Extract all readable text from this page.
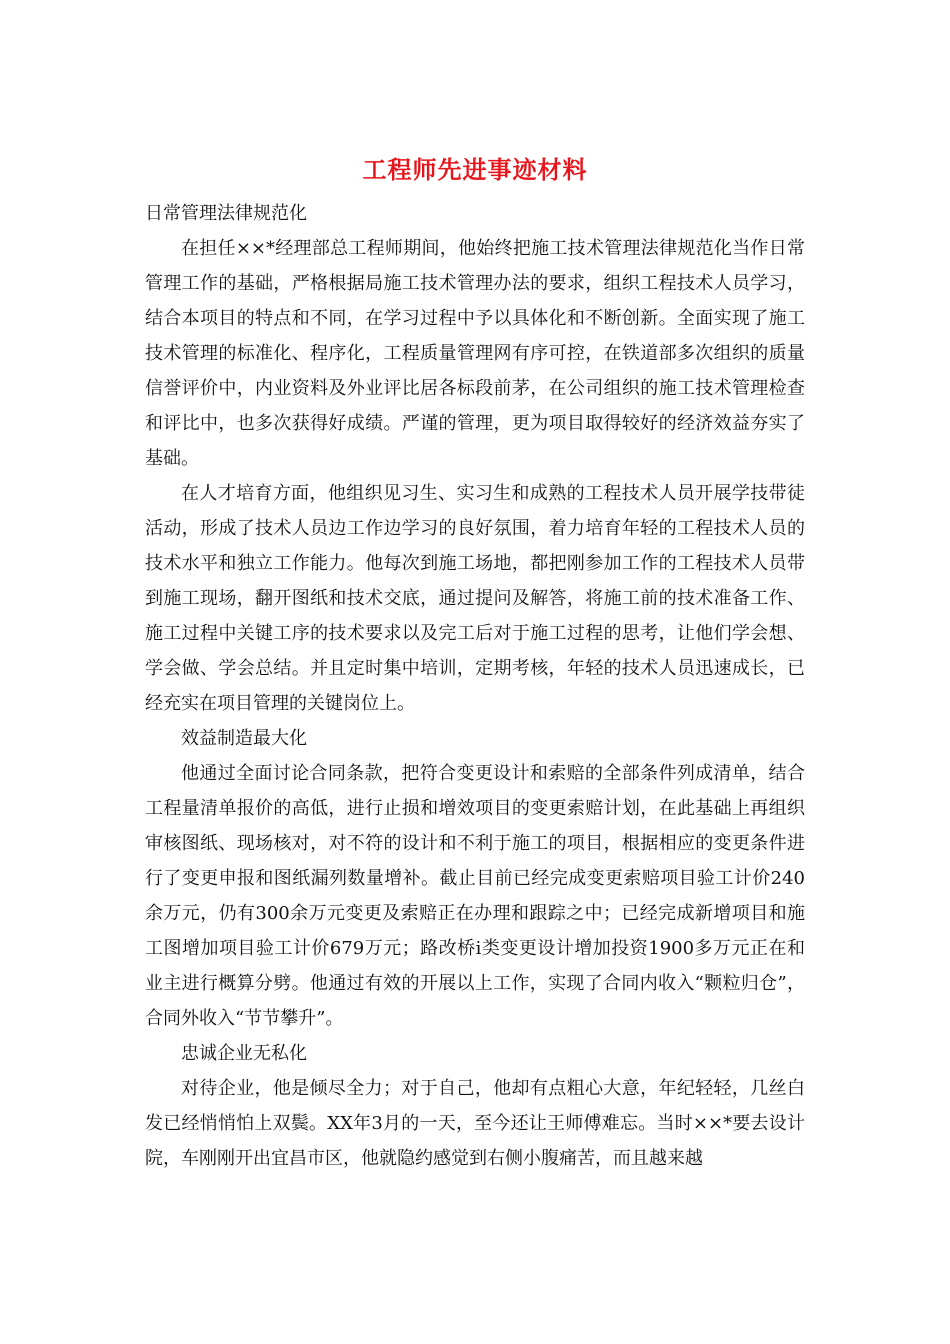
工程师先进事迹材料

日常管理法律规范化

在担任××*经理部总工程师期间，他始终把施工技术管理法律规范化当作日常管理工作的基础，严格根据局施工技术管理办法的要求，组织工程技术人员学习，结合本项目的特点和不同，在学习过程中予以具体化和不断创新。全面实现了施工技术管理的标准化、程序化，工程质量管理网有序可控，在铁道部多次组织的质量信誉评价中，内业资料及外业评比居各标段前茅，在公司组织的施工技术管理检查和评比中，也多次获得好成绩。严谨的管理，更为项目取得较好的经济效益夯实了基础。

在人才培育方面，他组织见习生、实习生和成熟的工程技术人员开展学技带徒活动，形成了技术人员边工作边学习的良好氛围，着力培育年轻的工程技术人员的技术水平和独立工作能力。他每次到施工场地，都把刚参加工作的工程技术人员带到施工现场，翻开图纸和技术交底，通过提问及解答，将施工前的技术准备工作、施工过程中关键工序的技术要求以及完工后对于施工过程的思考，让他们学会想、学会做、学会总结。并且定时集中培训，定期考核，年轻的技术人员迅速成长，已经充实在项目管理的关键岗位上。

效益制造最大化

他通过全面讨论合同条款，把符合变更设计和索赔的全部条件列成清单，结合工程量清单报价的高低，进行止损和增效项目的变更索赔计划，在此基础上再组织审核图纸、现场核对，对不符的设计和不利于施工的项目，根据相应的变更条件进行了变更申报和图纸漏列数量增补。截止目前已经完成变更索赔项目验工计价240余万元，仍有300余万元变更及索赔正在办理和跟踪之中；已经完成新增项目和施工图增加项目验工计价679万元；路改桥i类变更设计增加投资1900多万元正在和业主进行概算分劈。他通过有效的开展以上工作，实现了合同内收入“颗粒归仓”，合同外收入“节节攀升”。

忠诚企业无私化

对待企业，他是倾尽全力；对于自己，他却有点粗心大意，年纪轻轻，几丝白发已经悄悄怕上双鬓。XX年3月的一天，至今还让王师傅难忘。当时××*要去设计院，车刚刚开出宜昌市区，他就隐约感觉到右侧小腹痛苦，而且越来越
